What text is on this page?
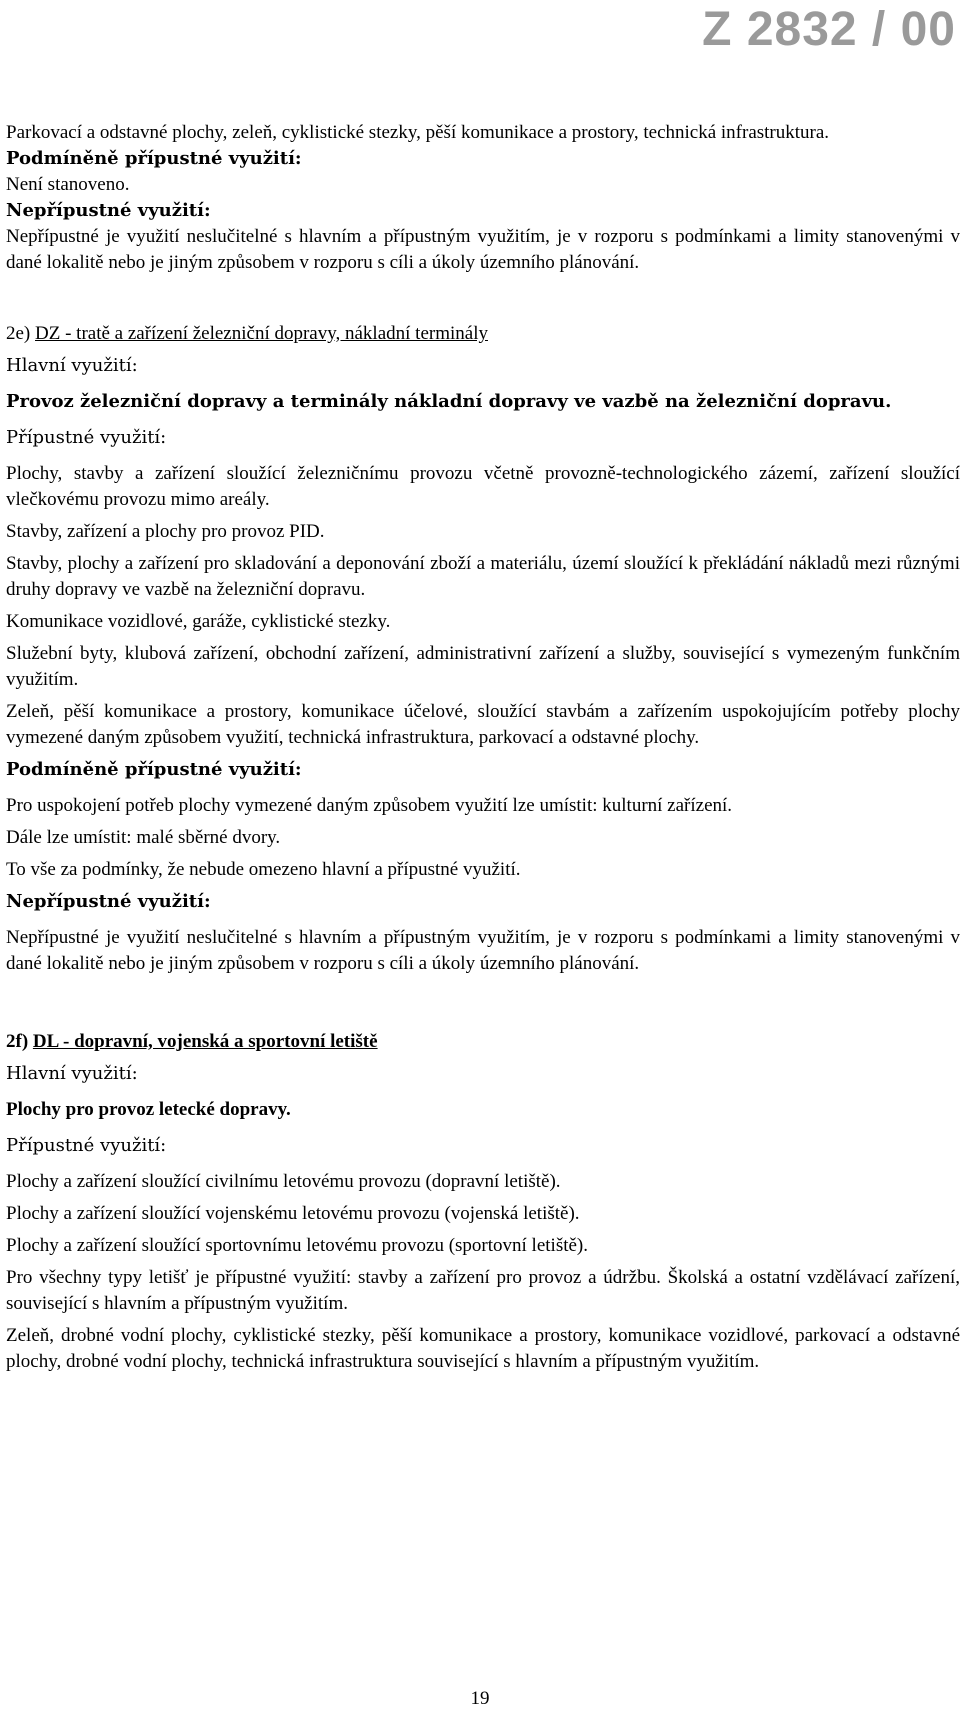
Z 2832 / 00

Parkovací a odstavné plochy, zeleň, cyklistické stezky, pěší komunikace a prostory, technická infrastruktura.

Podmíněně přípustné využití:

Není stanoveno.

Nepřípustné využití:

Nepřípustné je využití neslučitelné s hlavním a přípustným využitím, je v rozporu s podmínkami a limity stanovenými v dané lokalitě nebo je jiným způsobem v rozporu s cíli a úkoly územního plánování.

2e) DZ - tratě a zařízení železniční dopravy, nákladní terminály

Hlavní využití:

Provoz železniční dopravy a terminály nákladní dopravy ve vazbě na železniční dopravu.

Přípustné využití:

Plochy, stavby a zařízení sloužící železničnímu provozu včetně provozně-technologického zázemí, zařízení sloužící vlečkovému provozu mimo areály.

Stavby, zařízení a plochy pro provoz PID.

Stavby, plochy a zařízení pro skladování a deponování zboží a materiálu, území sloužící k překládání nákladů mezi různými druhy dopravy ve vazbě na železniční dopravu.

Komunikace vozidlové, garáže, cyklistické stezky.

Služební byty, klubová zařízení, obchodní zařízení, administrativní zařízení a služby, související s vymezeným funkčním využitím.

Zeleň, pěší komunikace a prostory, komunikace účelové, sloužící stavbám a zařízením uspokojujícím potřeby plochy vymezené daným způsobem využití, technická infrastruktura, parkovací a odstavné plochy.

Podmíněně přípustné využití:

Pro uspokojení potřeb plochy vymezené daným způsobem využití lze umístit: kulturní zařízení.

Dále lze umístit: malé sběrné dvory.

To vše za podmínky, že nebude omezeno hlavní a přípustné využití.

Nepřípustné využití:

Nepřípustné je využití neslučitelné s hlavním a přípustným využitím, je v rozporu s podmínkami a limity stanovenými v dané lokalitě nebo je jiným způsobem v rozporu s cíli a úkoly územního plánování.

2f) DL - dopravní, vojenská a sportovní letiště

Hlavní využití:

Plochy pro provoz letecké dopravy.

Přípustné využití:

Plochy a zařízení sloužící civilnímu letovému provozu (dopravní letiště).

Plochy a zařízení sloužící vojenskému letovému provozu (vojenská letiště).

Plochy a zařízení sloužící sportovnímu letovému provozu (sportovní letiště).

Pro všechny typy letišť je přípustné využití: stavby a zařízení pro provoz a údržbu. Školská a ostatní vzdělávací zařízení, související s hlavním a přípustným využitím.

Zeleň, drobné vodní plochy, cyklistické stezky, pěší komunikace a prostory, komunikace vozidlové, parkovací a odstavné plochy, drobné vodní plochy, technická infrastruktura související s hlavním a přípustným využitím.

19
